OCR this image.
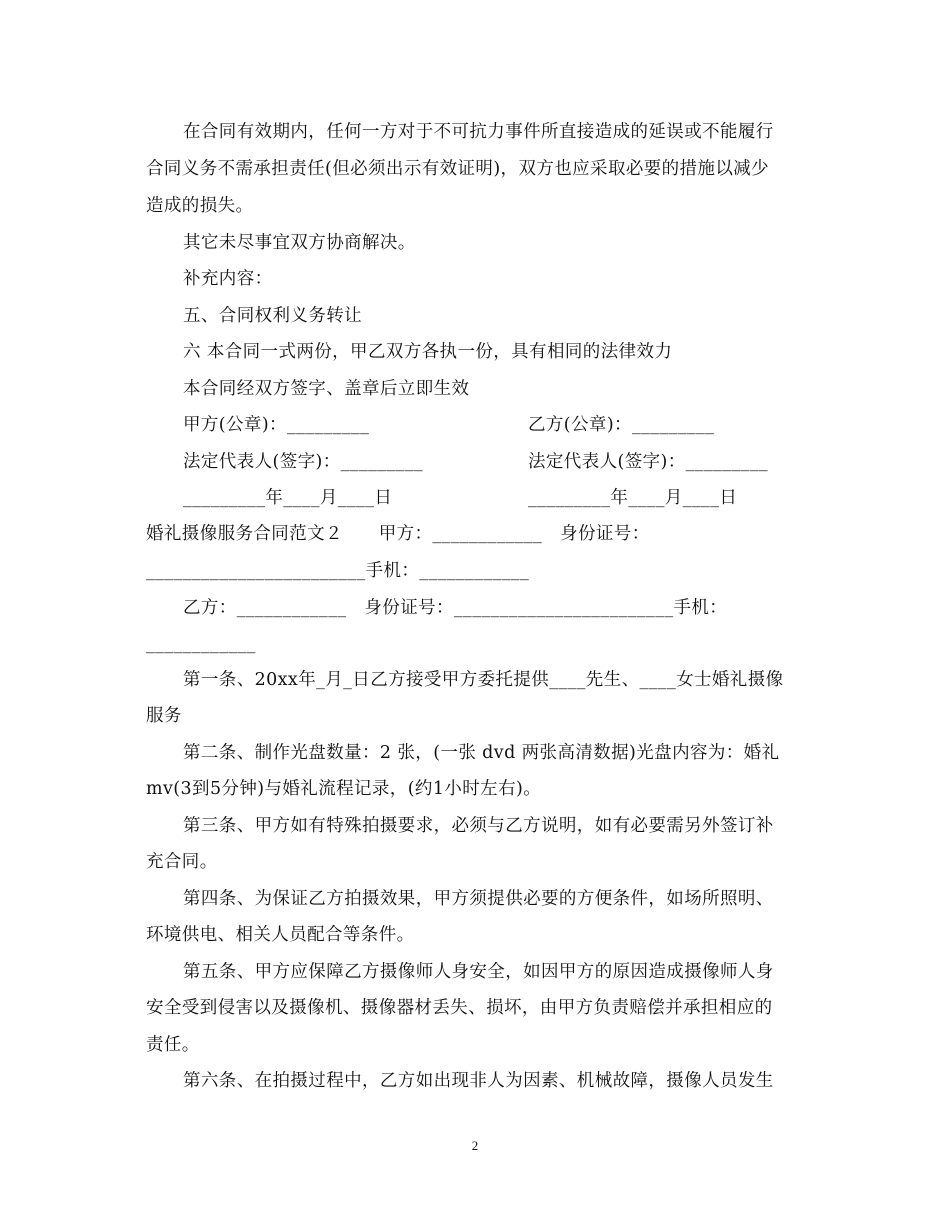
在合同有效期内，任何一方对于不可抗力事件所直接造成的延误或不能履行
合同义务不需承担责任(但必须出示有效证明)，双方也应采取必要的措施以减少
造成的损失。
其它未尽事宜双方协商解决。
补充内容：
五、合同权利义务转让
六 本合同一式两份，甲乙双方各执一份，具有相同的法律效力
本合同经双方签字、盖章后立即生效
甲方(公章)：_________	乙方(公章)：_________
法定代表人(签字)：_________	法定代表人(签字)：_________
_________年____月____日	_________年____月____日
婚礼摄像服务合同范文２　　甲方：____________　身份证号：
________________________手机：____________
乙方：____________　身份证号：________________________手机：
____________
第一条、20xx年_月_日乙方接受甲方委托提供____先生、____女士婚礼摄像
服务
第二条、制作光盘数量：2 张，(一张 dvd 两张高清数据)光盘内容为：婚礼
mv(3到5分钟)与婚礼流程记录，(约1小时左右)。
第三条、甲方如有特殊拍摄要求，必须与乙方说明，如有必要需另外签订补
充合同。
第四条、为保证乙方拍摄效果，甲方须提供必要的方便条件，如场所照明、
环境供电、相关人员配合等条件。
第五条、甲方应保障乙方摄像师人身安全，如因甲方的原因造成摄像师人身
安全受到侵害以及摄像机、摄像器材丢失、损坏，由甲方负责赔偿并承担相应的
责任。
第六条、在拍摄过程中，乙方如出现非人为因素、机械故障，摄像人员发生
2
